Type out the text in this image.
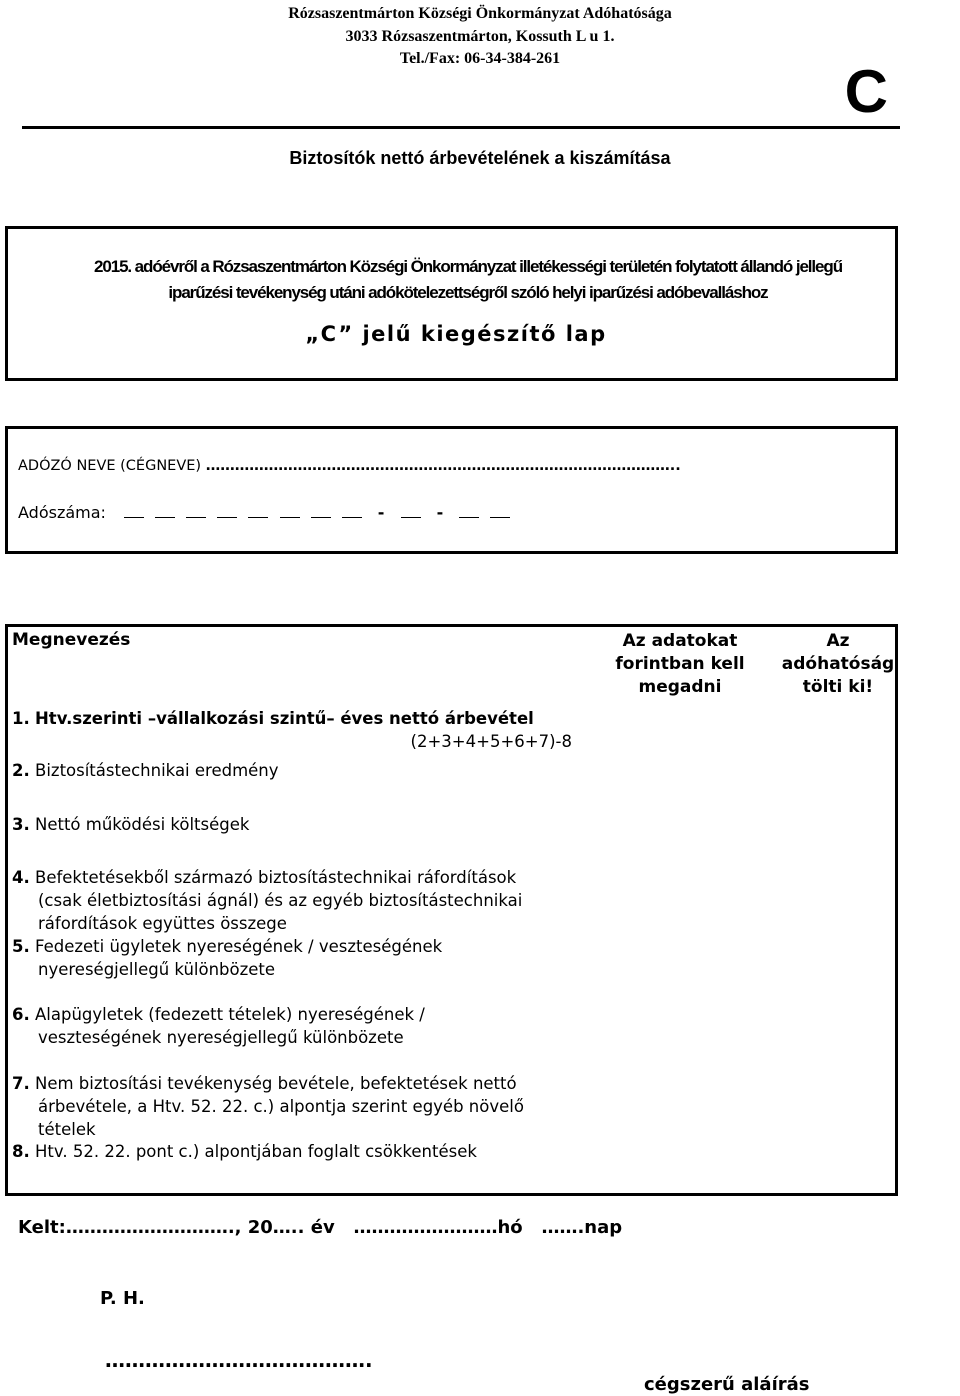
Rózsaszentmárton Községi Önkormányzat Adóhatósága
3033 Rózsaszentmárton, Kossuth L u 1.
Tel./Fax: 06-34-384-261	C
Biztosítók nettó árbevételének a kiszámítása
2015. adóévről a Rózsaszentmárton Községi Önkormányzat illetékességi területén folytatott állandó jellegű
iparűzési tevékenység utáni adókötelezettségről szóló helyi iparűzési adóbevalláshoz
„C” jelű kiegészítő lap
ADÓZÓ NEVE (CÉGNEVE) ……………………………………………………………………………………..
Adószáma:	-	-
Megnevezés	Az adatokat
forintban kell
megadni
Az adóhatóság
tölti ki!
1. Htv.szerinti –vállalkozási szintű– éves nettó árbevétel
(2+3+4+5+6+7)-8
2. Biztosítástechnikai eredmény
3. Nettó működési költségek
4. Befektetésekből származó biztosítástechnikai ráfordítások
(csak életbiztosítási ágnál) és az egyéb biztosítástechnikai
ráfordítások együttes összege
5. Fedezeti ügyletek nyereségének / veszteségének
nyereségjellegű különbözete
6. Alapügyletek (fedezett tételek) nyereségének /
veszteségének nyereségjellegű különbözete
7. Nem biztosítási tevékenység bevétele, befektetések nettó
árbevétele, a Htv. 52. 22. c.) alpontja szerint egyéb növelő
tételek
8. Htv. 52. 22. pont c.) alpontjában foglalt csökkentések
Kelt:………………………., 20….. év   ……………………hó   …….nap
P. H.
………………………………….
cégszerű aláírás
